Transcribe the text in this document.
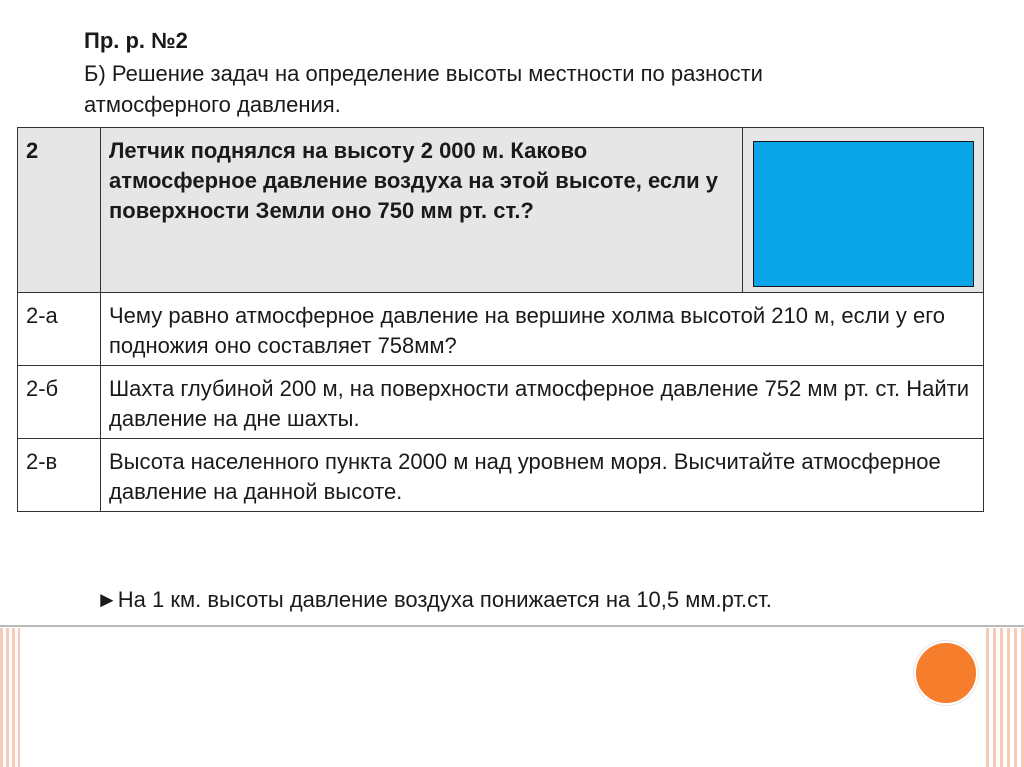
Пр. р. №2
Б) Решение задач на определение высоты местности по разности атмосферного давления.
2	Летчик поднялся на высоту 2 000 м. Каково атмосферное давление воздуха на этой высоте, если у поверхности Земли оно 750 мм рт. ст.?	

2-а	Чему равно атмосферное давление на вершине холма высотой 210 м, если у его подножия оно составляет 758мм?	
2-б	Шахта глубиной 200 м, на поверхности атмосферное давление 752 мм рт. ст. Найти давление на дне шахты.	
2-в	Высота населенного пункта 2000 м над уровнем моря. Высчитайте атмосферное давление на данной высоте.	
►На 1 км. высоты давление воздуха понижается на 10,5 мм.рт.ст.
